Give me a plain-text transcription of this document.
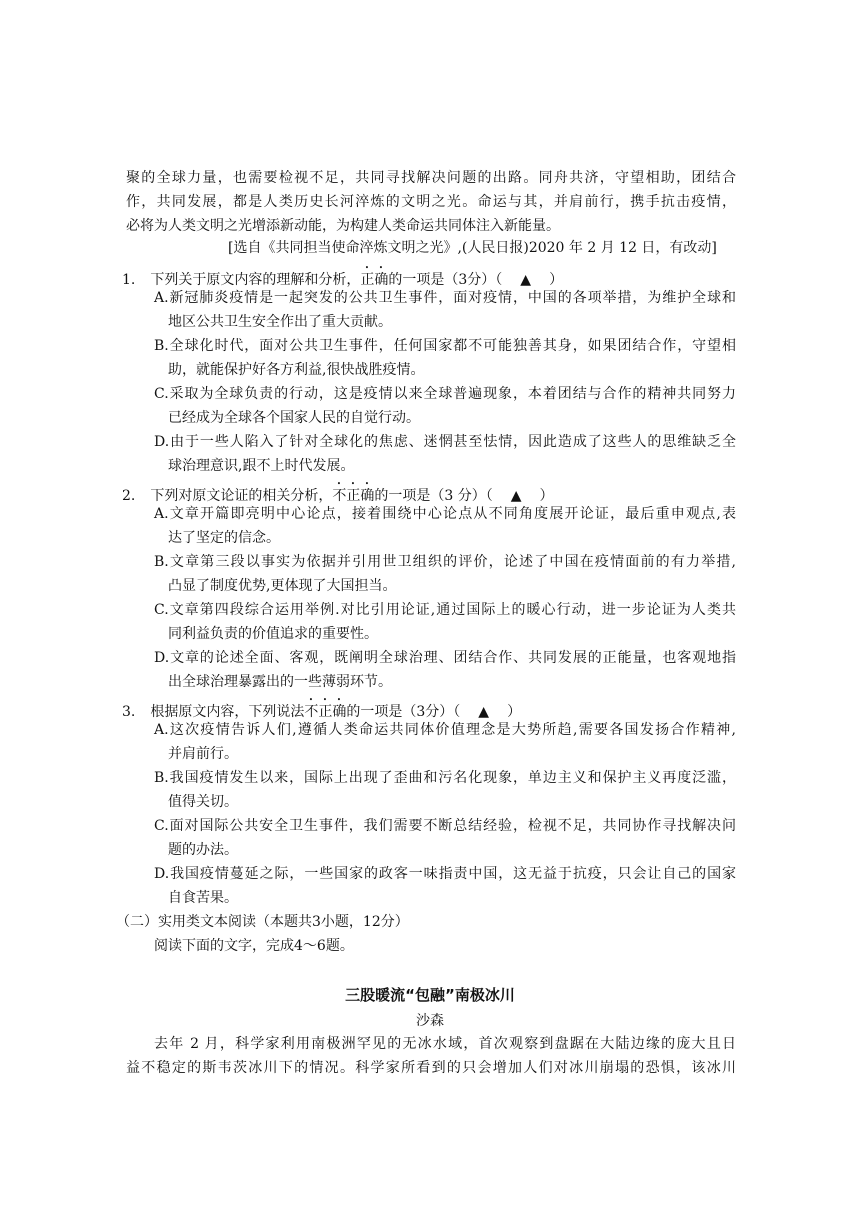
聚的全球力量，也需要检视不足，共同寻找解决问题的出路。同舟共济，守望相助，团结合
作，共同发展，都是人类历史长河淬炼的文明之光。命运与其，并肩前行，携手抗击疫情，
必将为人类文明之光增添新动能，为构建人类命运共同体注入新能量。
[选自《共同担当使命淬炼文明之光》,(人民日报)2020 年 2 月 12 日，有改动]
1. 下列关于原文内容的理解和分析，正确的一项是（3分）（ ▲ ）
A.新冠肺炎疫情是一起突发的公共卫生事件，面对疫情，中国的各项举措，为维护全球和
地区公共卫生安全作出了重大贡献。
B.全球化时代，面对公共卫生事件，任何国家都不可能独善其身，如果团结合作，守望相
助，就能保护好各方利益,很快战胜疫情。
C.采取为全球负责的行动，这是疫情以来全球普遍现象，本着团结与合作的精神共同努力
已经成为全球各个国家人民的自觉行动。
D.由于一些人陷入了针对全球化的焦虑、迷惘甚至怯情，因此造成了这些人的思维缺乏全
球治理意识,跟不上时代发展。
2. 下列对原文论证的相关分析，不正确的一项是（3 分）（ ▲ ）
A.文章开篇即亮明中心论点，接着围绕中心论点从不同角度展开论证，最后重申观点,表
达了坚定的信念。
B.文章第三段以事实为依据并引用世卫组织的评价，论述了中国在疫情面前的有力举措,
凸显了制度优势,更体现了大国担当。
C.文章第四段综合运用举例.对比引用论证,通过国际上的暖心行动，进一步论证为人类共
同利益负责的价值追求的重要性。
D.文章的论述全面、客观，既阐明全球治理、团结合作、共同发展的正能量，也客观地指
出全球治理暴露出的一些薄弱环节。
3. 根据原文内容，下列说法不正确的一项是（3分）（ ▲ ）
A.这次疫情告诉人们,遵循人类命运共同体价值理念是大势所趋,需要各国发扬合作精神,
并肩前行。
B.我国疫情发生以来，国际上出现了歪曲和污名化现象，单边主义和保护主义再度泛滥，
值得关切。
C.面对国际公共安全卫生事件，我们需要不断总结经验，检视不足，共同协作寻找解决问
题的办法。
D.我国疫情蔓延之际，一些国家的政客一味指责中国，这无益于抗疫，只会让自己的国家
自食苦果。
（二）实用类文本阅读（本题共3小题，12分）
阅读下面的文字，完成4～6题。
三股暖流“包融”南极冰川
沙森
去年 2 月，科学家利用南极洲罕见的无冰水域，首次观察到盘踞在大陆边缘的庞大且日
益不稳定的斯韦茨冰川下的情况。科学家所看到的只会增加人们对冰川崩塌的恐惧，该冰川
